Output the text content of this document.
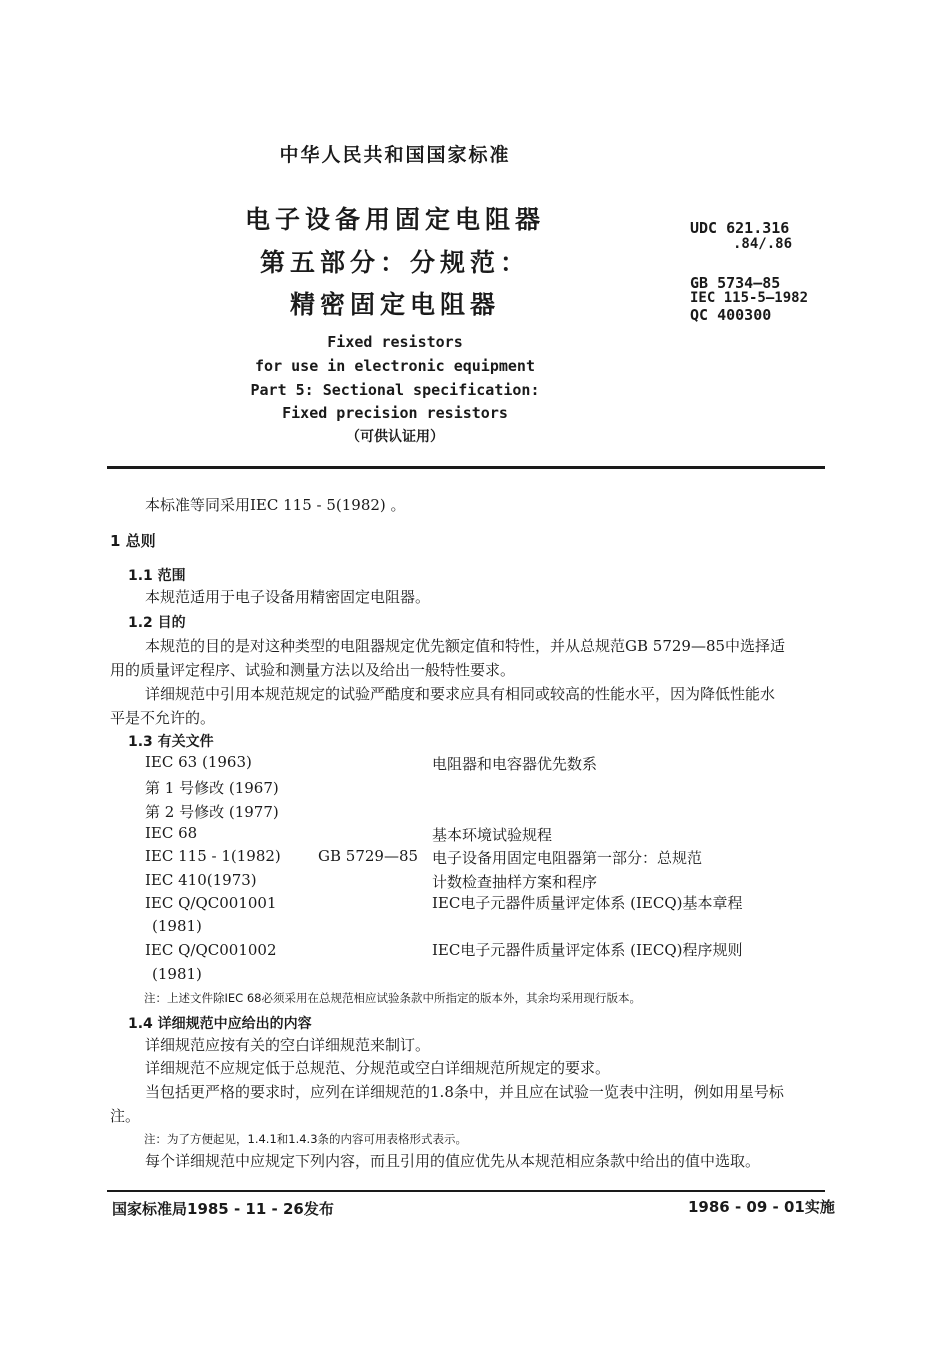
中华人民共和国国家标准
电子设备用固定电阻器
第五部分：分规范：
精密固定电阻器
Fixed resistors
for use in electronic equipment
Part 5: Sectional specification:
Fixed precision resistors
（可供认证用）
UDC 621.316
.84/.86
GB 5734—85
IEC 115-5—1982
QC 400300
本标准等同采用IEC 115 - 5(1982) 。
1 总则
1.1 范围
本规范适用于电子设备用精密固定电阻器。
1.2 目的
本规范的目的是对这种类型的电阻器规定优先额定值和特性，并从总规范GB 5729—85中选择适
用的质量评定程序、试验和测量方法以及给出一般特性要求。
详细规范中引用本规范规定的试验严酷度和要求应具有相同或较高的性能水平，因为降低性能水
平是不允许的。
1.3 有关文件
IEC 63 (1963)	电阻器和电容器优先数系
第 1 号修改 (1967)
第 2 号修改 (1977)
IEC 68	基本环境试验规程
IEC 115 - 1(1982) GB 5729—85 电子设备用固定电阻器第一部分：总规范
IEC 410(1973)	计数检查抽样方案和程序
IEC Q/QC001001	IEC电子元器件质量评定体系 (IECQ)基本章程
(1981)
IEC Q/QC001002	IEC电子元器件质量评定体系 (IECQ)程序规则
(1981)
注：上述文件除IEC 68必须采用在总规范相应试验条款中所指定的版本外，其余均采用现行版本。
1.4 详细规范中应给出的内容
详细规范应按有关的空白详细规范来制订。
详细规范不应规定低于总规范、分规范或空白详细规范所规定的要求。
当包括更严格的要求时，应列在详细规范的1.8条中，并且应在试验一览表中注明，例如用星号标
注。
注：为了方便起见，1.4.1和1.4.3条的内容可用表格形式表示。
每个详细规范中应规定下列内容，而且引用的值应优先从本规范相应条款中给出的值中选取。
国家标准局1985 - 11 - 26发布	1986 - 09 - 01实施
